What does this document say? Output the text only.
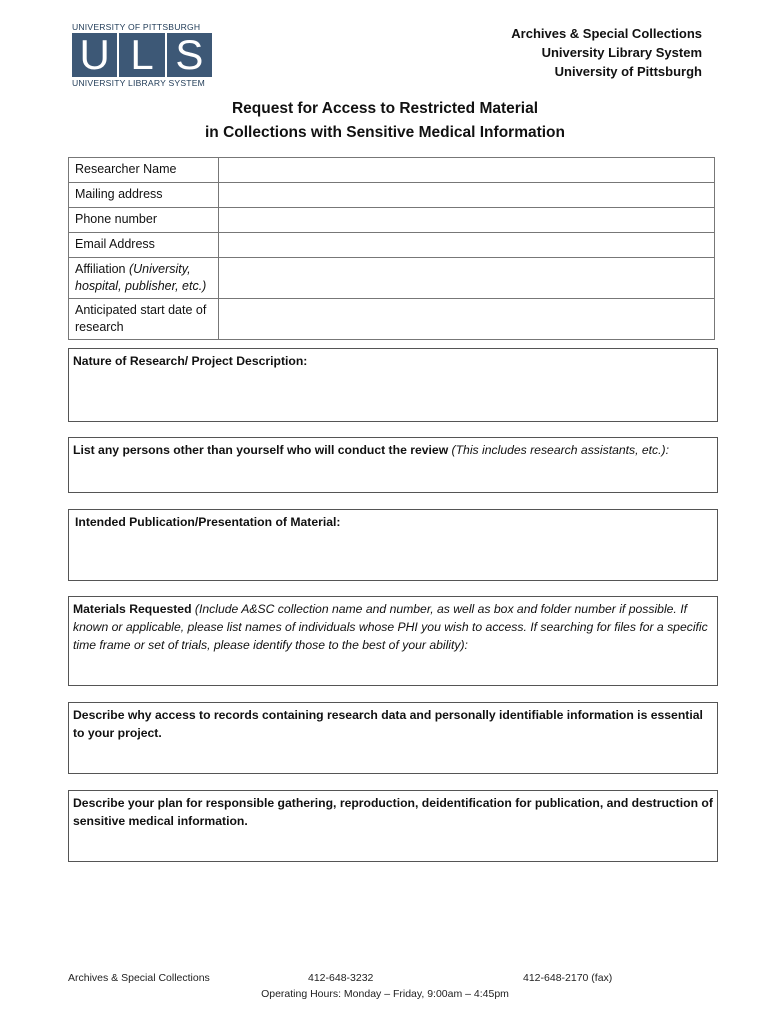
UNIVERSITY OF PITTSBURGH
U L S
UNIVERSITY LIBRARY SYSTEM
Archives & Special Collections
University Library System
University of Pittsburgh
Request for Access to Restricted Material
in Collections with Sensitive Medical Information
Researcher Name	
Mailing address	
Phone number	
Email Address	
Affiliation (University, hospital, publisher, etc.)	
Anticipated start date of research	
Nature of Research/ Project Description:
List any persons other than yourself who will conduct the review (This includes research assistants, etc.):
Intended Publication/Presentation of Material:
Materials Requested (Include A&SC collection name and number, as well as box and folder number if possible. If known or applicable, please list names of individuals whose PHI you wish to access. If searching for files for a specific time frame or set of trials, please identify those to the best of your ability):
Describe why access to records containing research data and personally identifiable information is essential to your project.
Describe your plan for responsible gathering, reproduction, deidentification for publication, and destruction of sensitive medical information.
Archives & Special Collections	412-648-3232	412-648-2170 (fax)
Operating Hours: Monday – Friday, 9:00am – 4:45pm
